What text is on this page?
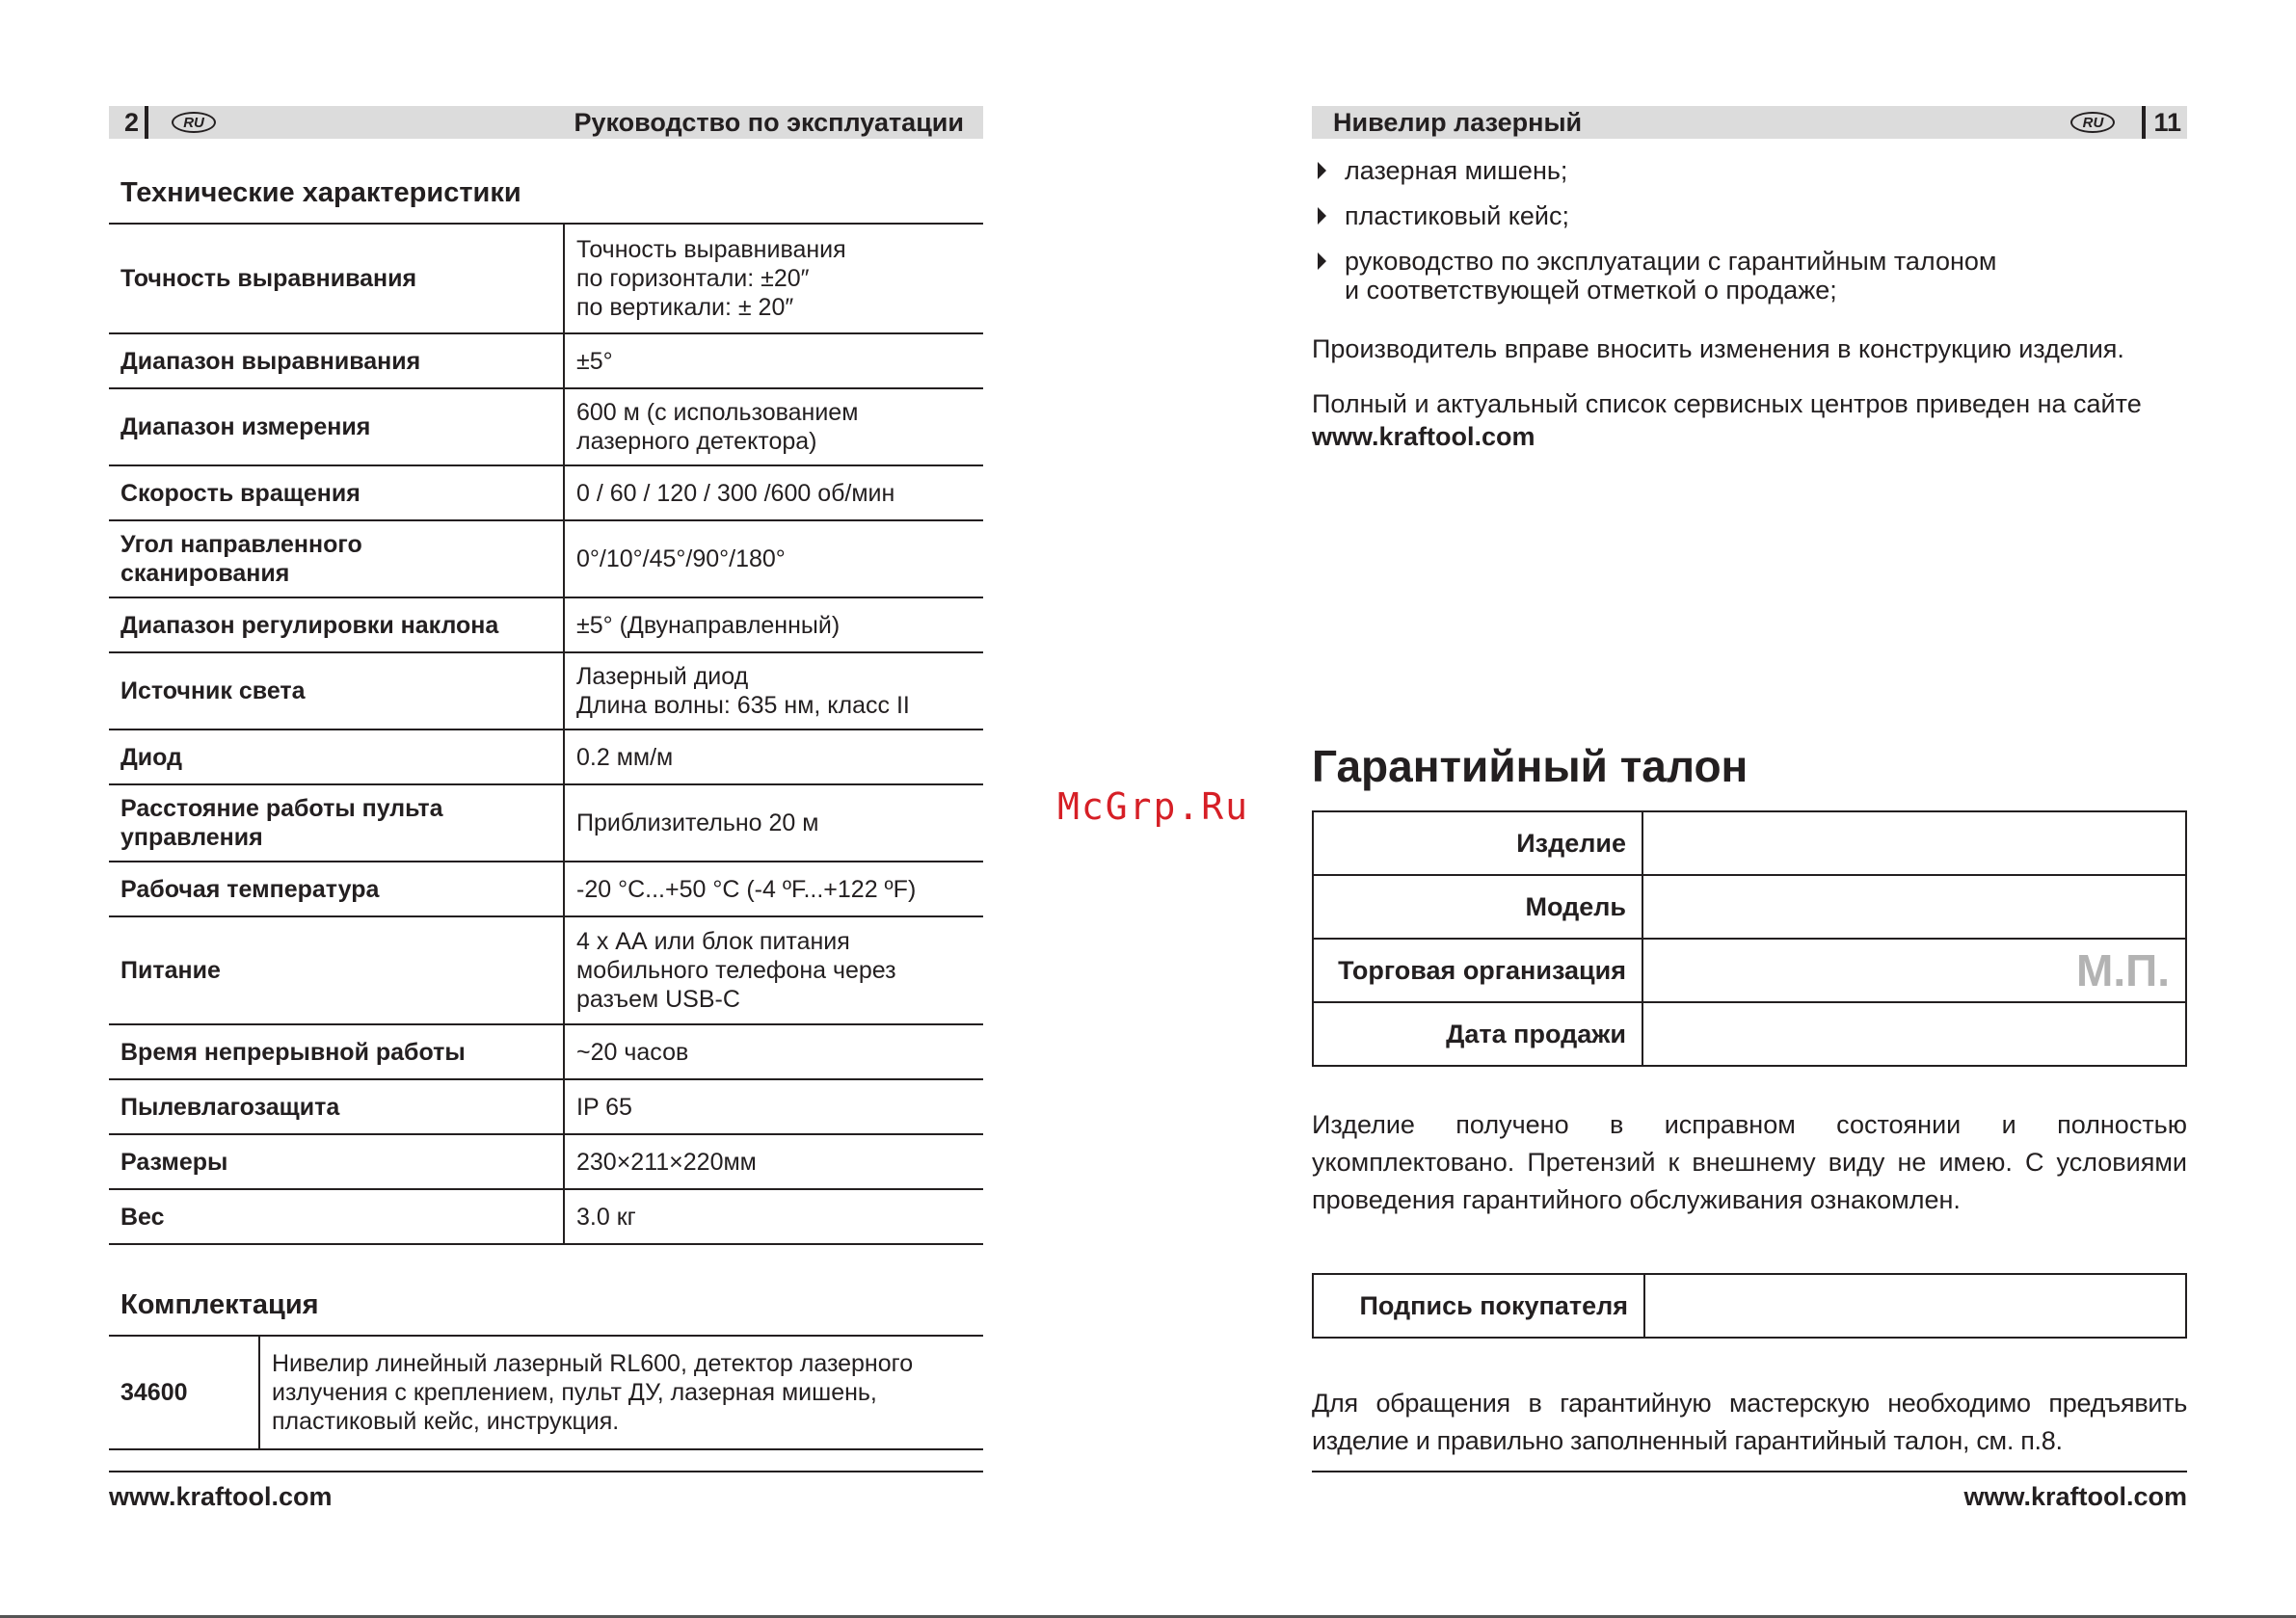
2	RU	Руководство по эксплуатации
Технические характеристики
Точность выравнивания	Точность выравнивания
по горизонтали: ±20″
по вертикали: ± 20″
Диапазон выравнивания	±5°
Диапазон измерения	600 м (с использованием
лазерного детектора)
Скорость вращения	0 / 60 / 120 / 300 /600 об/мин
Угол направленного
сканирования	0°/10°/45°/90°/180°
Диапазон регулировки наклона	±5° (Двунаправленный)
Источник света	Лазерный диод
Длина волны: 635 нм, класс II
Диод	0.2 мм/м
Расстояние работы пульта
управления	Приблизительно 20 м
Рабочая температура	-20 °С...+50 °С (-4 ºF...+122 ºF)
Питание	4 х АА или блок питания
мобильного телефона через
разъем USB-C
Время непрерывной работы	~20 часов
Пылевлагозащита	IP 65
Размеры	230×211×220мм
Вес	3.0 кг
Комплектация
34600	Нивелир линейный лазерный RL600, детектор лазерного
излучения с креплением, пульт ДУ, лазерная мишень,
пластиковый кейс, инструкция.
www.kraftool.com
Нивелир лазерный	RU	11
лазерная мишень;
пластиковый кейс;
руководство по эксплуатации с гарантийным талоном
и соответствующей отметкой о продаже;

Производитель вправе вносить изменения в конструкцию изделия.

Полный и актуальный список сервисных центров приведен на сайте
www.kraftool.com

Гарантийный талон
Изделие	
Модель	
Торговая организация	М.П.
Дата продажи	

Изделие получено в исправном состоянии и полностью укомплектовано. Претензий к внешнему виду не имею. С условиями проведения гарантийного обслуживания ознакомлен.

Подпись покупателя	

Для обращения в гарантийную мастерскую необходимо предъявить изделие и правильно заполненный гарантийный талон, см. п.8.

www.kraftool.com
McGrp.Ru
